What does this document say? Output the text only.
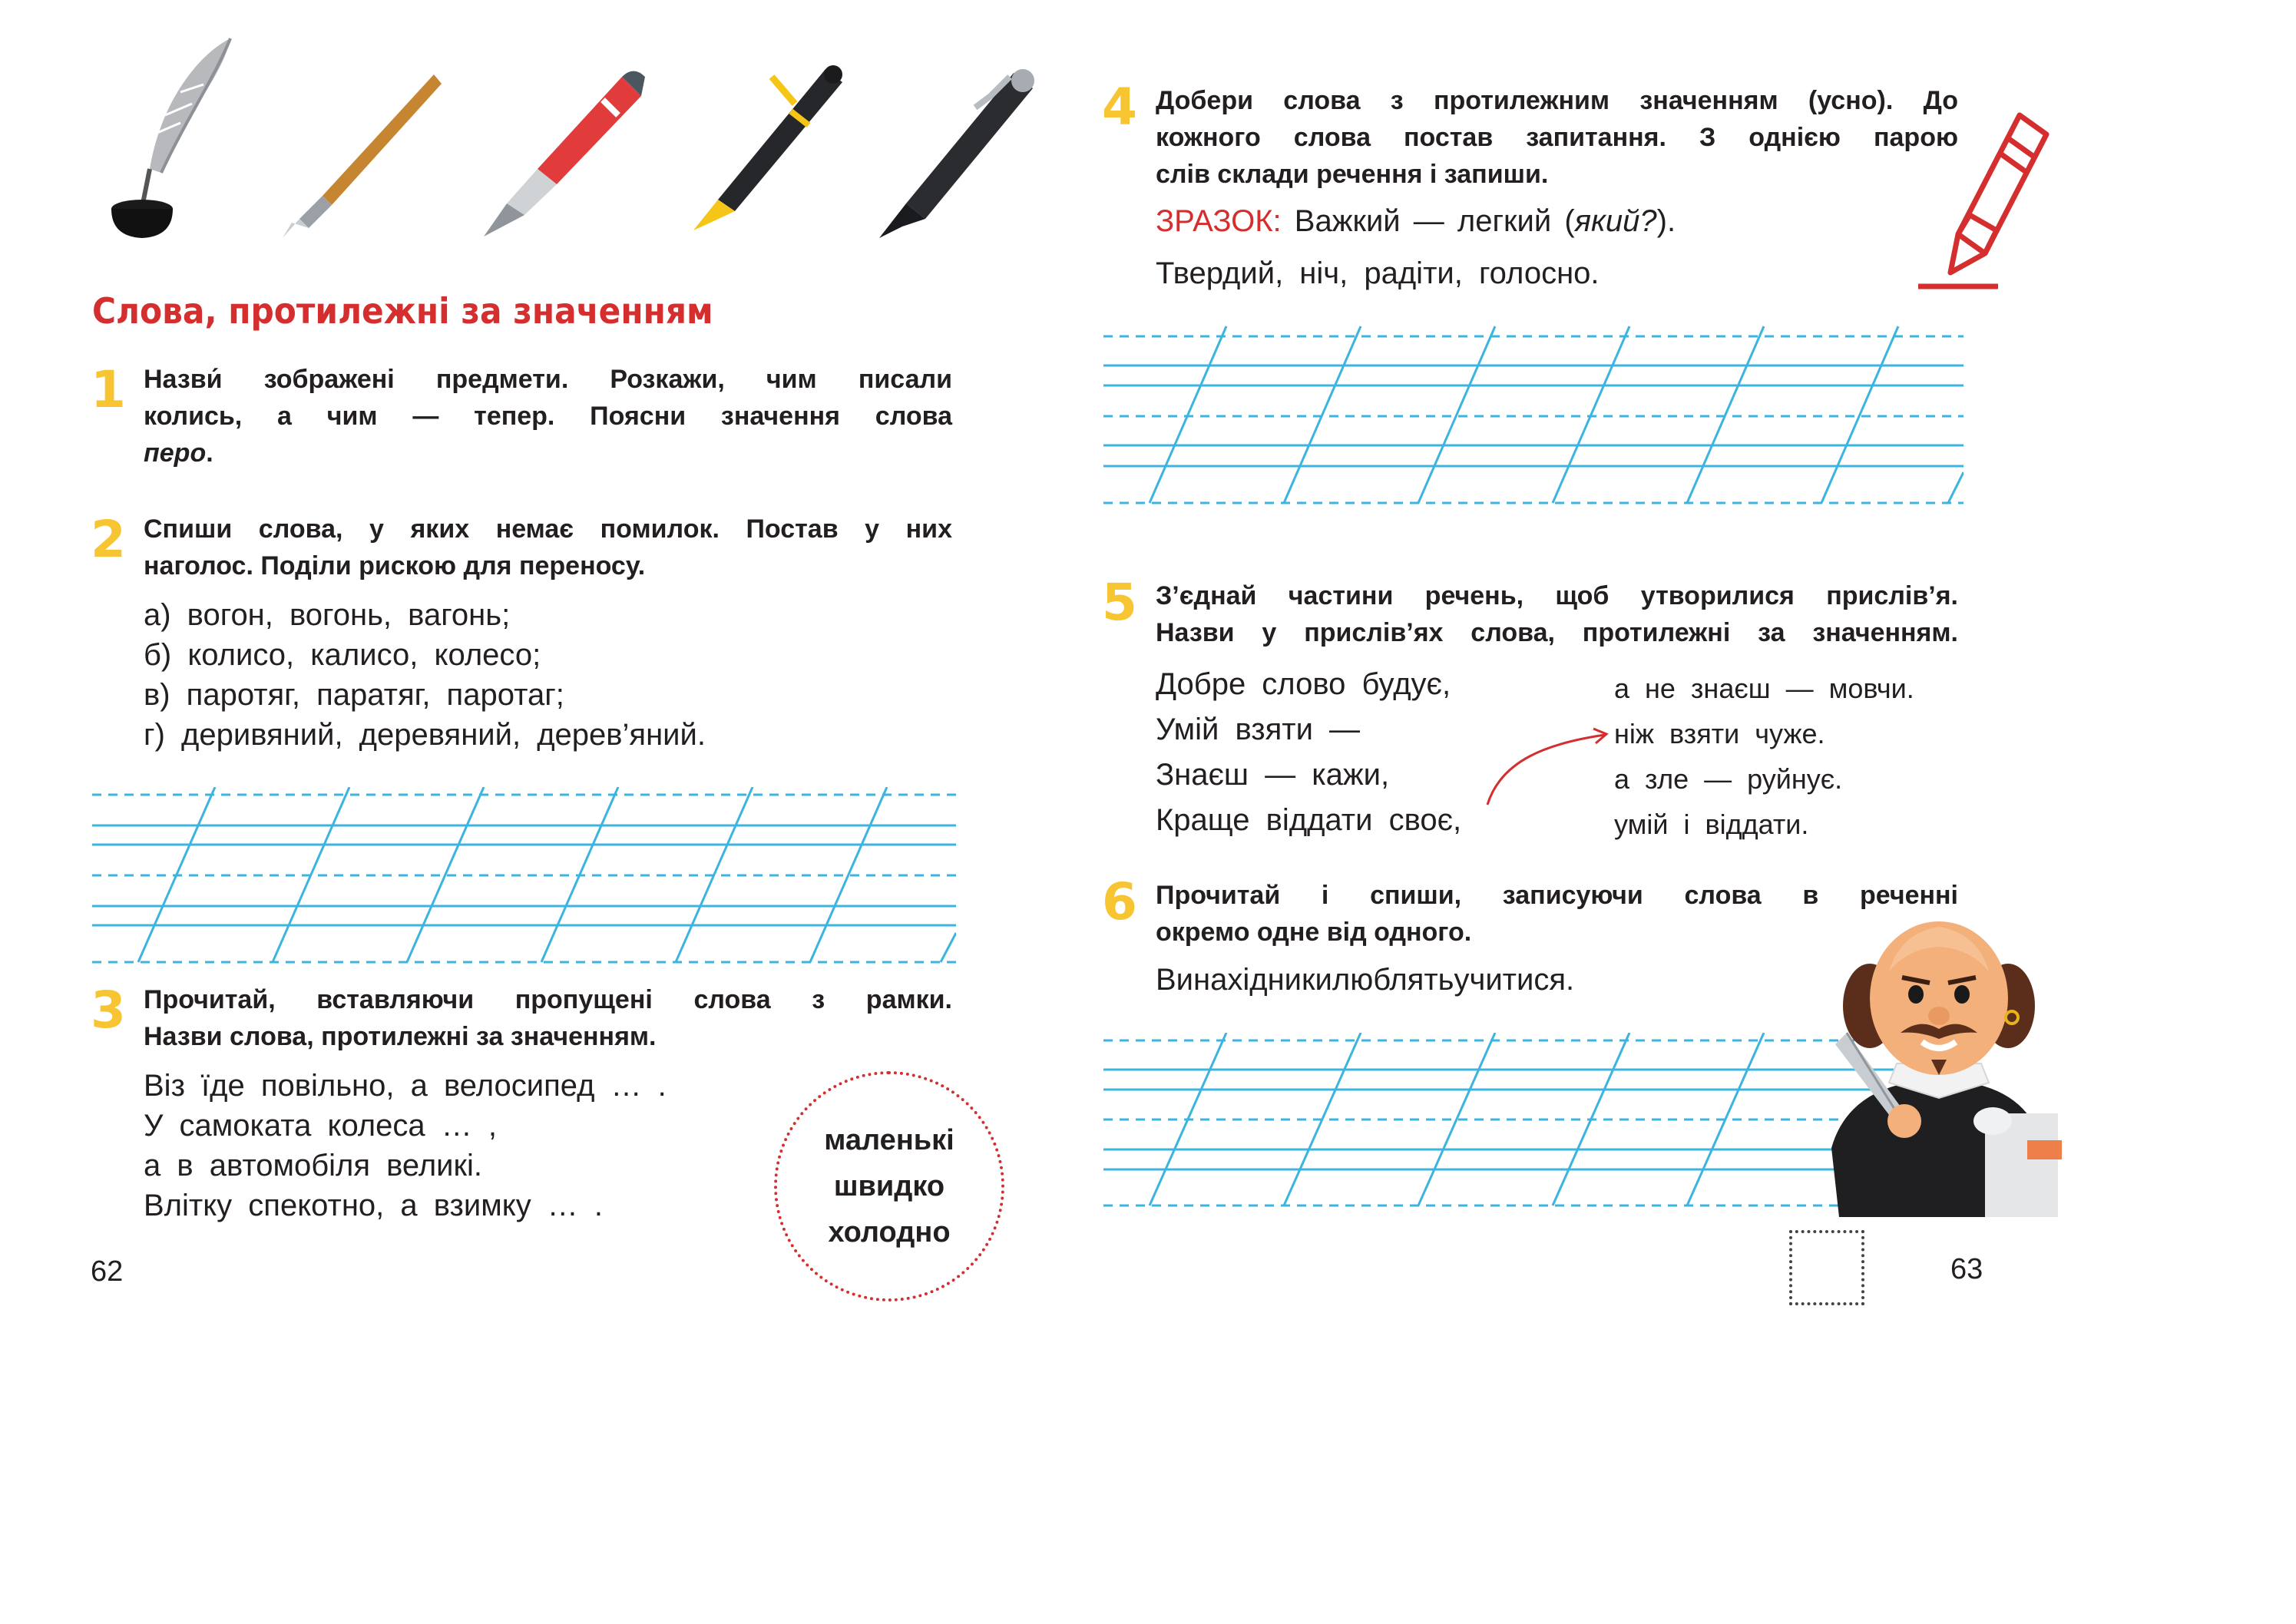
Слова, протилежні за значенням
1 Назви́ зображені предмети. Розкажи, чим писали
колись, а чим — тепер. Поясни значення слова
перо.
2 Спиши слова, у яких немає помилок. Постав у них
наголос. Поділи рискою для переносу.
а) вогон, вогонь, вагонь;
б) колисо, калисо, колесо;
в) паротяг, паратяг, паротаг;
г) деривяний, деревяний, дерев’яний.
3 Прочитай, вставляючи пропущені слова з рамки.
Назви слова, протилежні за значенням.
Віз їде повільно, а велосипед … .
У самоката колеса … ,
а в автомобіля великі.
Влітку спекотно, а взимку … .
маленькі
швидко
холодно
62
4 Добери слова з протилежним значенням (усно). До
кожного слова постав запитання. З однією парою
слів склади речення і запиши.
ЗРАЗОК: Важкий — легкий (який?).
Твердий, ніч, радіти, голосно.
5 З’єднай частини речень, щоб утворилися прислів’я.
Назви у прислів’ях слова, протилежні за значенням.
Добре слово будує,
Умій взяти —
Знаєш — кажи,
Краще віддати своє,
а не знаєш — мовчи.
ніж взяти чуже.
а зле — руйнує.
умій і віддати.
6 Прочитай і спиши, записуючи слова в реченні
окремо одне від одного.
Винахідникилюблятьучитися.
63
